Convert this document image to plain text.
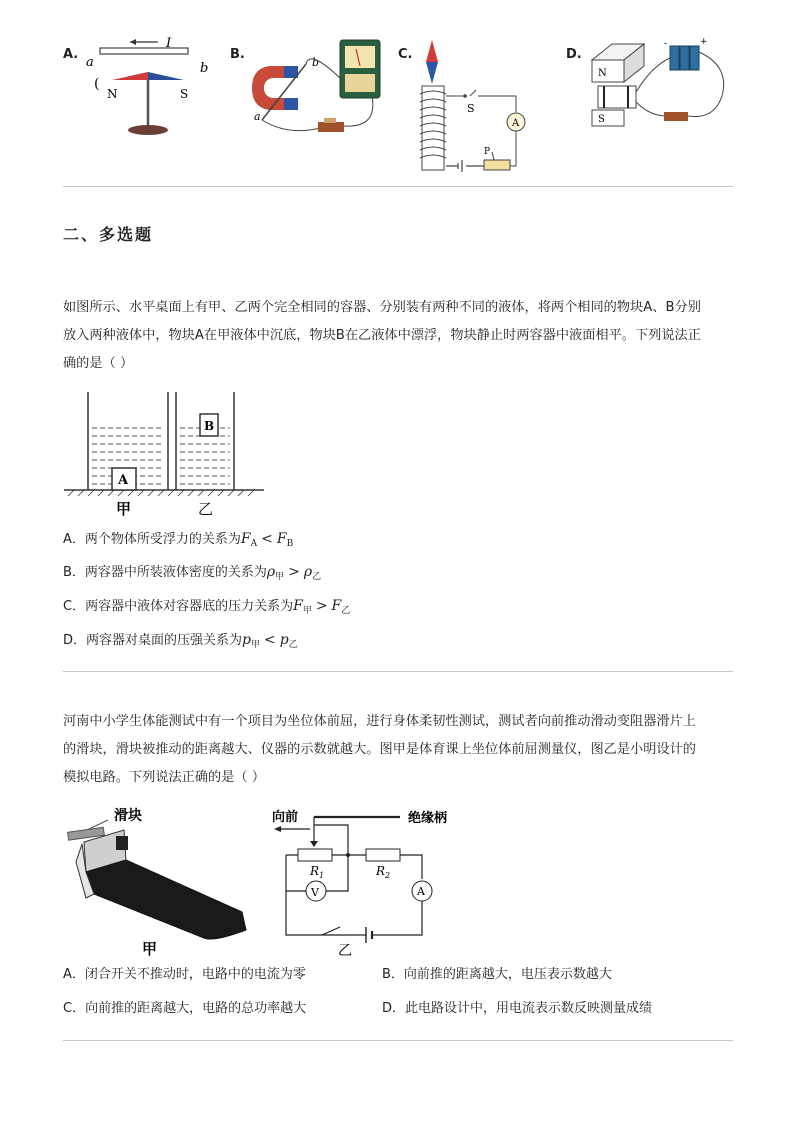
A.
I
a	b
(
N	S
B.
a
b
C.
S
A
P
D.
N
S
-	+
二、多选题
如图所示、水平桌面上有甲、乙两个完全相同的容器、分别装有两种不同的液体，将两个相同的物块A、B分别
放入两种液体中，物块A在甲液体中沉底，物块B在乙液体中漂浮，物块静止时两容器中液面相平。下列说法正
确的是（ ）
A
B
甲	乙
A．两个物体所受浮力的关系为$F_A < F_B$
B．两容器中所装液体密度的关系为$\rho_甲 > \rho_乙$
C．两容器中液体对容器底的压力关系为$F_甲 > F_乙$
D．两容器对桌面的压强关系为$p_甲 < p_乙$
河南中小学生体能测试中有一个项目为坐位体前屈，进行身体柔韧性测试，测试者向前推动滑动变阻器滑片上
的滑块，滑块被推动的距离越大、仪器的示数就越大。图甲是体育课上坐位体前屈测量仪，图乙是小明设计的
模拟电路。下列说法正确的是（ ）
滑块
甲
向前	绝缘柄
$R_1$	$R_2$
V	A
乙
A．闭合开关不推动时，电路中的电流为零	B．向前推的距离越大，电压表示数越大
C．向前推的距离越大，电路的总功率越大	D．此电路设计中，用电流表示数反映测量成绩
